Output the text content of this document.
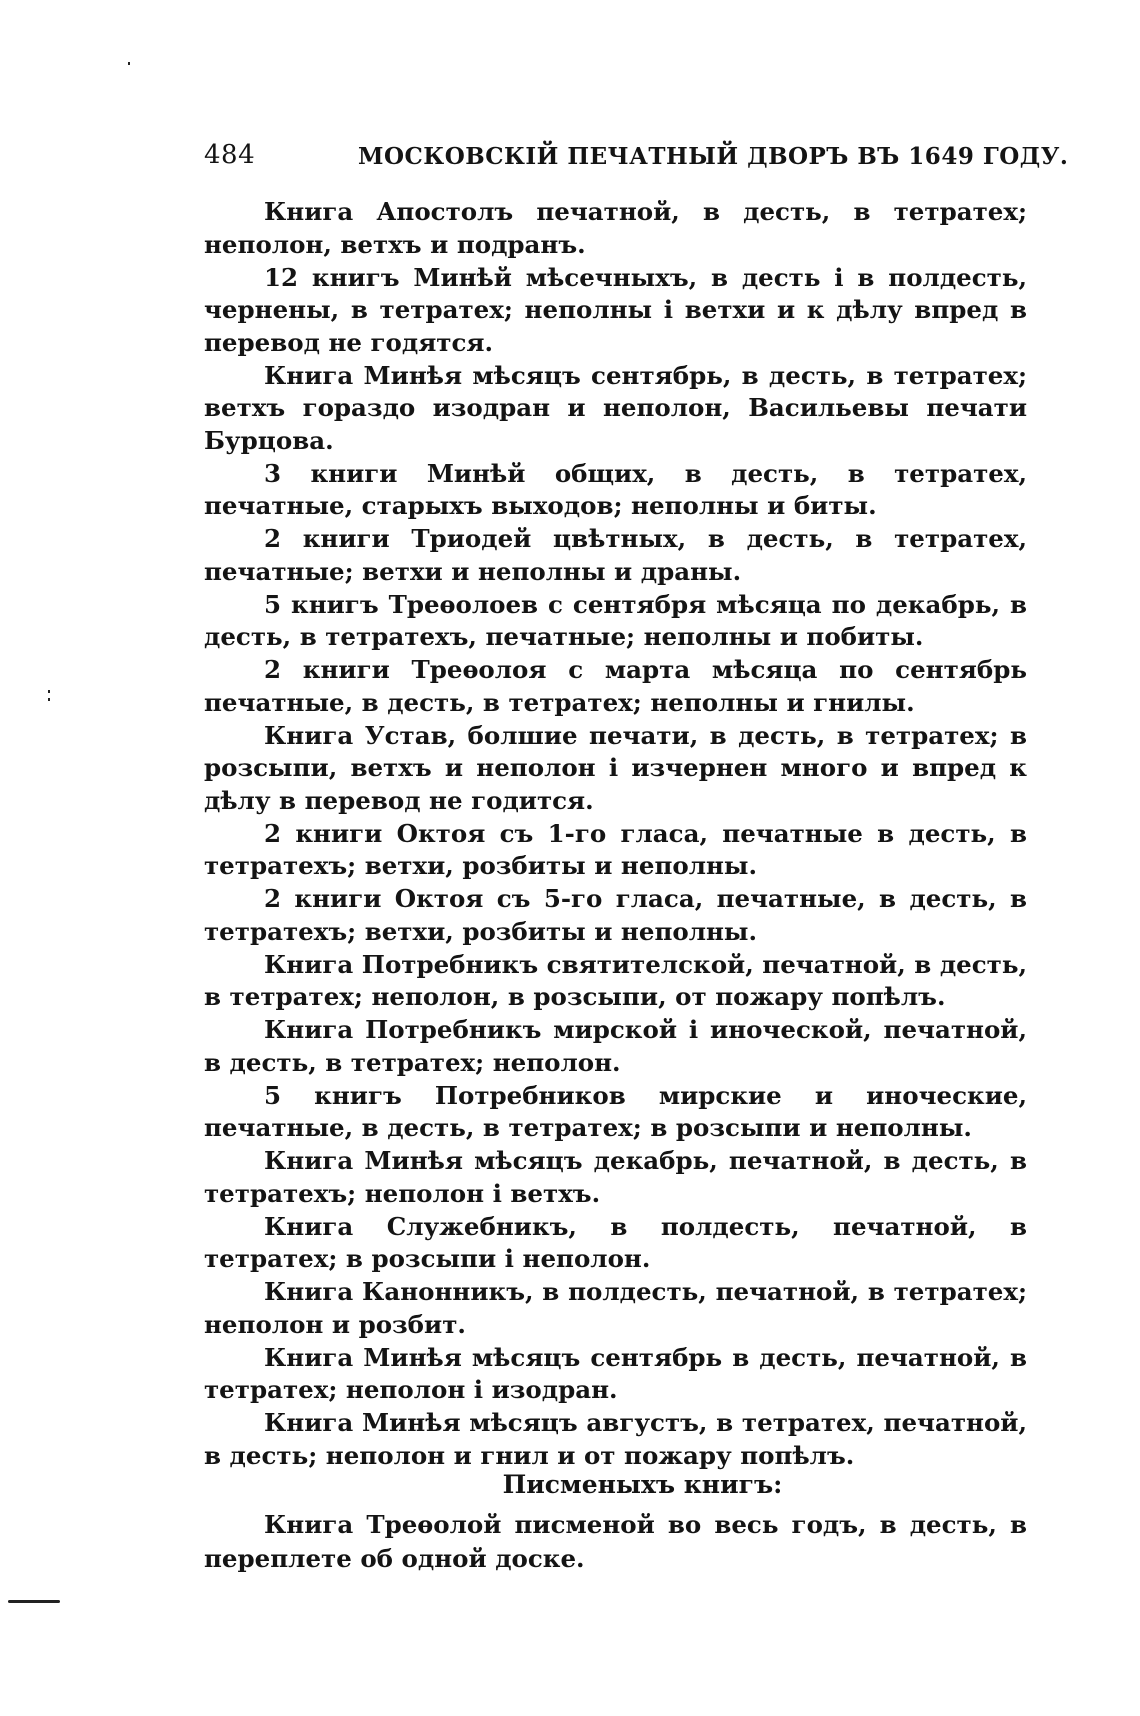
484	МОСКОВСКІЙ ПЕЧАТНЫЙ ДВОРЪ ВЪ 1649 ГОДУ.

Книга Апостолъ печатной, в десть, в тетратех; неполон, ветхъ и подранъ.

12 книгъ Минѣй мѣсечныхъ, в десть і в полдесть, чернены, в тетратех; неполны і ветхи и к дѣлу впред в перевод не годятся.

Книга Минѣя мѣсяцъ сентябрь, в десть, в тетратех; ветхъ гораздо изодран и неполон, Васильевы печати Бурцова.

3 книги Минѣй общих, в десть, в тетратех, печатные, старыхъ выходов; неполны и биты.

2 книги Триодей цвѣтных, в десть, в тетратех, печатные; ветхи и неполны и драны.

5 книгъ Треѳолоев с сентября мѣсяца по декабрь, в десть, в тетратехъ, печатные; неполны и побиты.

2 книги Треѳолоя с марта мѣсяца по сентябрь печатные, в десть, в тетратех; неполны и гнилы.

Книга Устав, болшие печати, в десть, в тетратех; в розсыпи, ветхъ и неполон і изчернен много и впред к дѣлу в перевод не годится.

2 книги Октоя съ 1-го гласа, печатные в десть, в тетратехъ; ветхи, розбиты и неполны.

2 книги Октоя съ 5-го гласа, печатные, в десть, в тетратехъ; ветхи, розбиты и неполны.

Книга Потребникъ святителской, печатной, в десть, в тетратех; неполон, в розсыпи, от пожару попѣлъ.

Книга Потребникъ мирской і иноческой, печатной, в десть, в тетратех; неполон.

5 книгъ Потребников мирские и иноческие, печатные, в десть, в тетратех; в розсыпи и неполны.

Книга Минѣя мѣсяцъ декабрь, печатной, в десть, в тетратехъ; неполон і ветхъ.

Книга Служебникъ, в полдесть, печатной, в тетратех; в розсыпи і неполон.

Книга Канонникъ, в полдесть, печатной, в тетратех; неполон и розбит.

Книга Минѣя мѣсяцъ сентябрь в десть, печатной, в тетратех; неполон і изодран.

Книга Минѣя мѣсяцъ августъ, в тетратех, печатной, в десть; неполон и гнил и от пожару попѣлъ.

Писменыхъ книгъ:

Книга Треѳолой писменой во весь годъ, в десть, в переплете об одной доске.
